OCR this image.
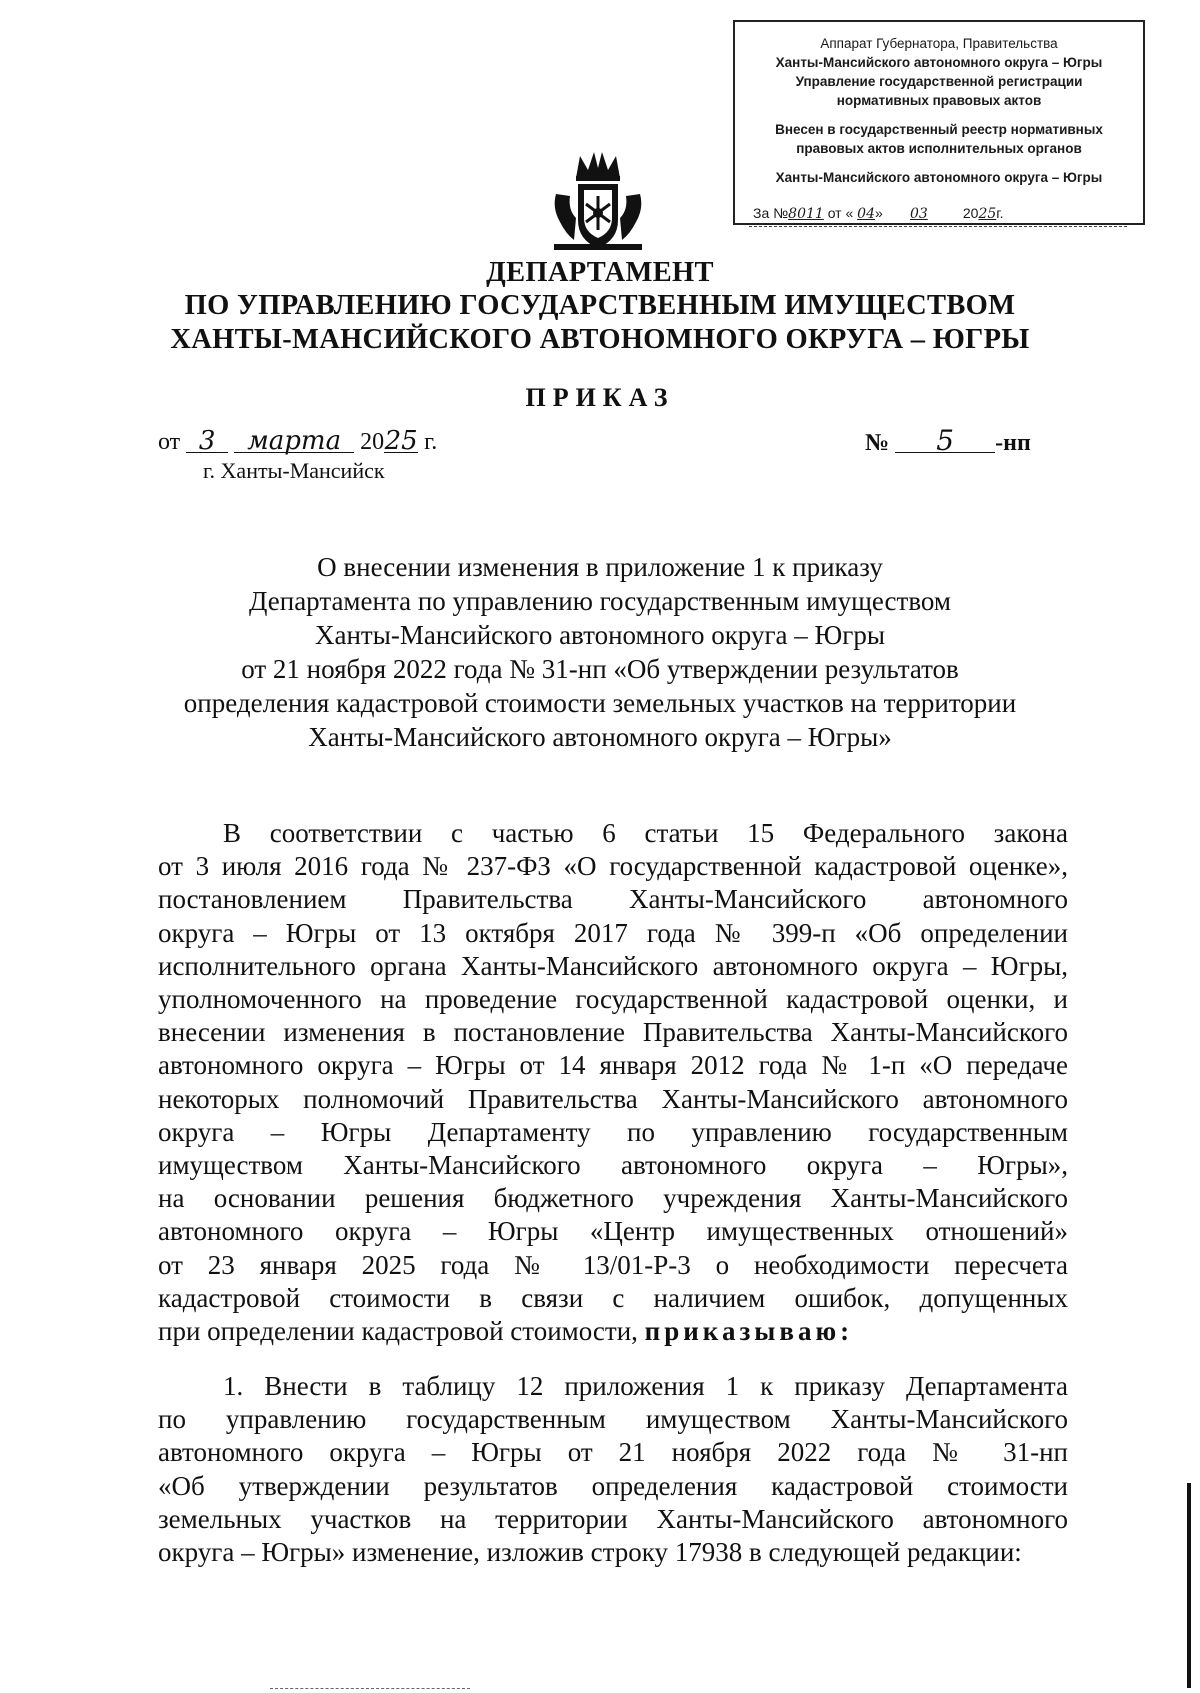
Аппарат Губернатора, Правительства
Ханты-Мансийского автономного округа – Югры
Управление государственной регистрации
нормативных правовых актов
Внесен в государственный реестр нормативных
правовых актов исполнительных органов
Ханты-Мансийского автономного округа – Югры
За №8011 от « 04» 03	2025г.
ДЕПАРТАМЕНТ
ПО УПРАВЛЕНИЮ ГОСУДАРСТВЕННЫМ ИМУЩЕСТВОМ
ХАНТЫ-МАНСИЙСКОГО АВТОНОМНОГО ОКРУГА – ЮГРЫ
ПРИКАЗ
от 3 марта 2025 г.
г. Ханты-Мансийск
№ 5 -нп
О внесении изменения в приложение 1 к приказу
Департамента по управлению государственным имуществом
Ханты-Мансийского автономного округа – Югры
от 21 ноября 2022 года № 31-нп «Об утверждении результатов
определения кадастровой стоимости земельных участков на территории
Ханты-Мансийского автономного округа – Югры»
В соответствии с частью 6 статьи 15 Федерального закона
от 3 июля 2016 года № 237-ФЗ «О государственной кадастровой оценке»,
постановлением Правительства Ханты-Мансийского автономного
округа – Югры от 13 октября 2017 года № 399-п «Об определении
исполнительного органа Ханты-Мансийского автономного округа – Югры,
уполномоченного на проведение государственной кадастровой оценки, и
внесении изменения в постановление Правительства Ханты-Мансийского
автономного округа – Югры от 14 января 2012 года № 1-п «О передаче
некоторых полномочий Правительства Ханты-Мансийского автономного
округа – Югры Департаменту по управлению государственным
имуществом Ханты-Мансийского автономного округа – Югры»,
на основании решения бюджетного учреждения Ханты-Мансийского
автономного округа – Югры «Центр имущественных отношений»
от 23 января 2025 года № 13/01-Р-3 о необходимости пересчета
кадастровой стоимости в связи с наличием ошибок, допущенных
при определении кадастровой стоимости, приказываю:
1. Внести в таблицу 12 приложения 1 к приказу Департамента
по управлению государственным имуществом Ханты-Мансийского
автономного округа – Югры от 21 ноября 2022 года № 31-нп
«Об утверждении результатов определения кадастровой стоимости
земельных участков на территории Ханты-Мансийского автономного
округа – Югры» изменение, изложив строку 17938 в следующей редакции:
